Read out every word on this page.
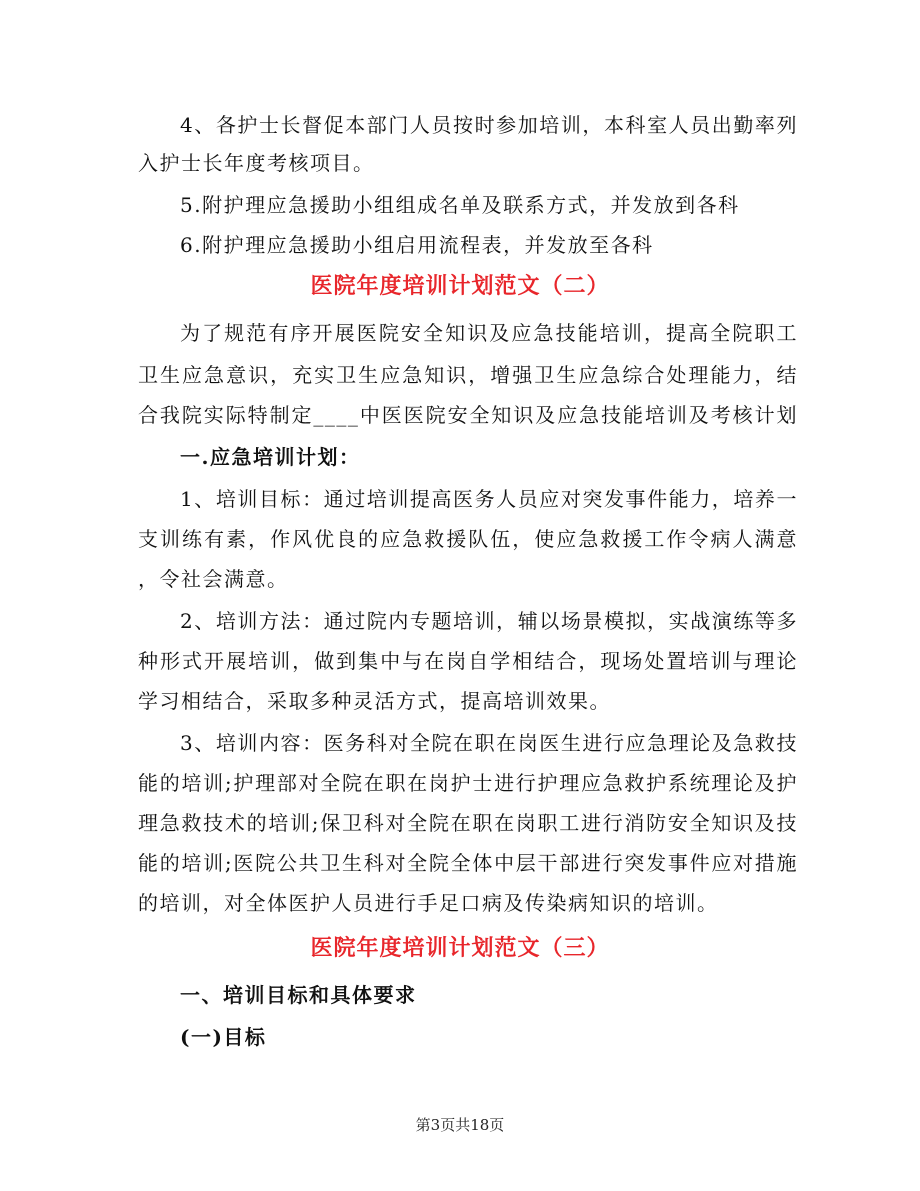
4、各护士长督促本部门人员按时参加培训，本科室人员出勤率列
入护士长年度考核项目。
5.附护理应急援助小组组成名单及联系方式，并发放到各科
6.附护理应急援助小组启用流程表，并发放至各科
医院年度培训计划范文（二）
为了规范有序开展医院安全知识及应急技能培训，提高全院职工
卫生应急意识，充实卫生应急知识，增强卫生应急综合处理能力，结
合我院实际特制定____中医医院安全知识及应急技能培训及考核计划
一.应急培训计划：
1、培训目标：通过培训提高医务人员应对突发事件能力，培养一
支训练有素，作风优良的应急救援队伍，使应急救援工作令病人满意
，令社会满意。
2、培训方法：通过院内专题培训，辅以场景模拟，实战演练等多
种形式开展培训，做到集中与在岗自学相结合，现场处置培训与理论
学习相结合，采取多种灵活方式，提高培训效果。
3、培训内容：医务科对全院在职在岗医生进行应急理论及急救技
能的培训;护理部对全院在职在岗护士进行护理应急救护系统理论及护
理急救技术的培训;保卫科对全院在职在岗职工进行消防安全知识及技
能的培训;医院公共卫生科对全院全体中层干部进行突发事件应对措施
的培训，对全体医护人员进行手足口病及传染病知识的培训。
医院年度培训计划范文（三）
一、培训目标和具体要求
(一)目标
第3页共18页
